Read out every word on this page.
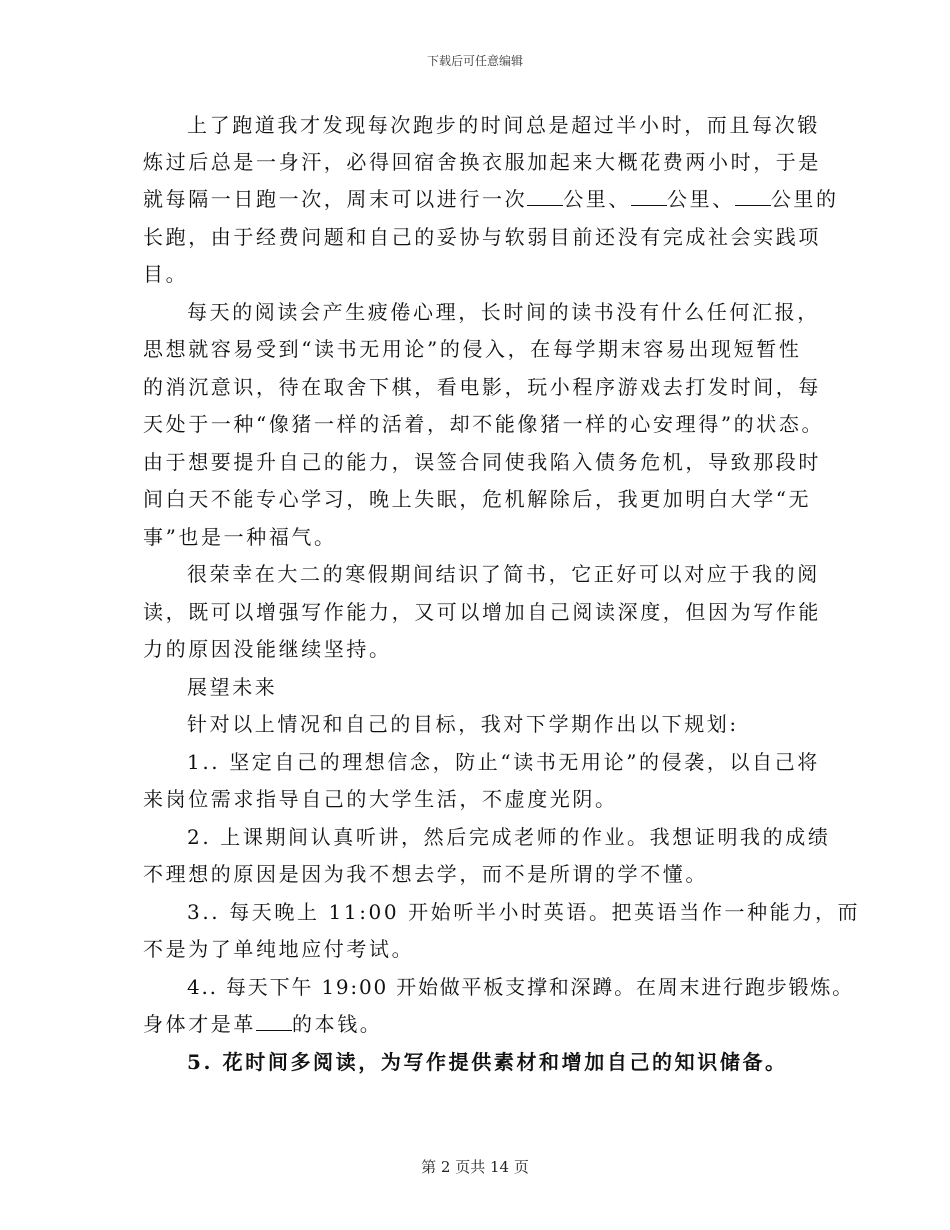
下载后可任意编辑
上了跑道我才发现每次跑步的时间总是超过半小时，而且每次锻
炼过后总是一身汗，必得回宿舍换衣服加起来大概花费两小时，于是
就每隔一日跑一次，周末可以进行一次 公里、 公里、 公里的
长跑，由于经费问题和自己的妥协与软弱目前还没有完成社会实践项
目。
每天的阅读会产生疲倦心理，长时间的读书没有什么任何汇报，
思想就容易受到“读书无用论”的侵入，在每学期末容易出现短暂性
的消沉意识，待在取舍下棋，看电影，玩小程序游戏去打发时间，每
天处于一种“像猪一样的活着，却不能像猪一样的心安理得”的状态。
由于想要提升自己的能力，误签合同使我陷入债务危机，导致那段时
间白天不能专心学习，晚上失眠，危机解除后，我更加明白大学“无
事”也是一种福气。
很荣幸在大二的寒假期间结识了简书，它正好可以对应于我的阅
读，既可以增强写作能力，又可以增加自己阅读深度，但因为写作能
力的原因没能继续坚持。
展望未来
针对以上情况和自己的目标，我对下学期作出以下规划:
1.. 坚定自己的理想信念，防止“读书无用论”的侵袭，以自己将
来岗位需求指导自己的大学生活，不虚度光阴。
2. 上课期间认真听讲，然后完成老师的作业。我想证明我的成绩
不理想的原因是因为我不想去学，而不是所谓的学不懂。
3.. 每天晚上 11:00 开始听半小时英语。把英语当作一种能力，而
不是为了单纯地应付考试。
4.. 每天下午 19:00 开始做平板支撑和深蹲。在周末进行跑步锻炼。
身体才是革 的本钱。
5. 花时间多阅读，为写作提供素材和增加自己的知识储备。
第 2 页共 14 页
